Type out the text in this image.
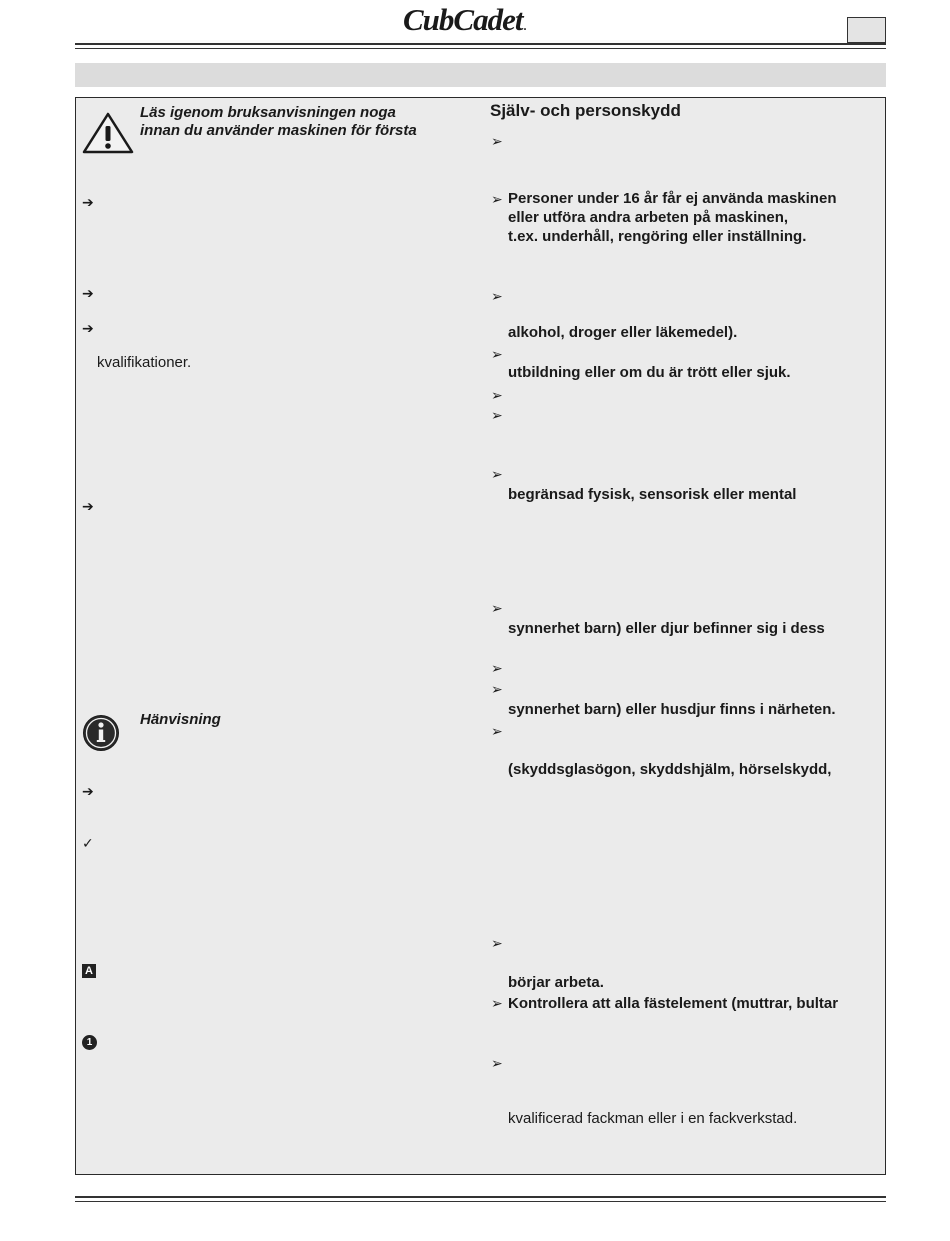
CubCadet.
Läs igenom bruksanvisningen noga
innan du använder maskinen för första
➔
➔
➔
kvalifikationer.
➔
Hänvisning
➔
✓
A
1
Själv- och personskydd
➢
➢ Personer under 16 år får ej använda maskinen
eller utföra andra arbeten på maskinen,
t.ex. underhåll, rengöring eller inställning.
➢
alkohol, droger eller läkemedel).
➢
utbildning eller om du är trött eller sjuk.
➢
➢
➢
begränsad fysisk, sensorisk eller mental
➢
synnerhet barn) eller djur befinner sig i dess
➢
➢
synnerhet barn) eller husdjur finns i närheten.
➢
(skyddsglasögon, skyddshjälm, hörselskydd,
➢
börjar arbeta.
➢ Kontrollera att alla fästelement (muttrar, bultar
➢
kvalificerad fackman eller i en fackverkstad.
